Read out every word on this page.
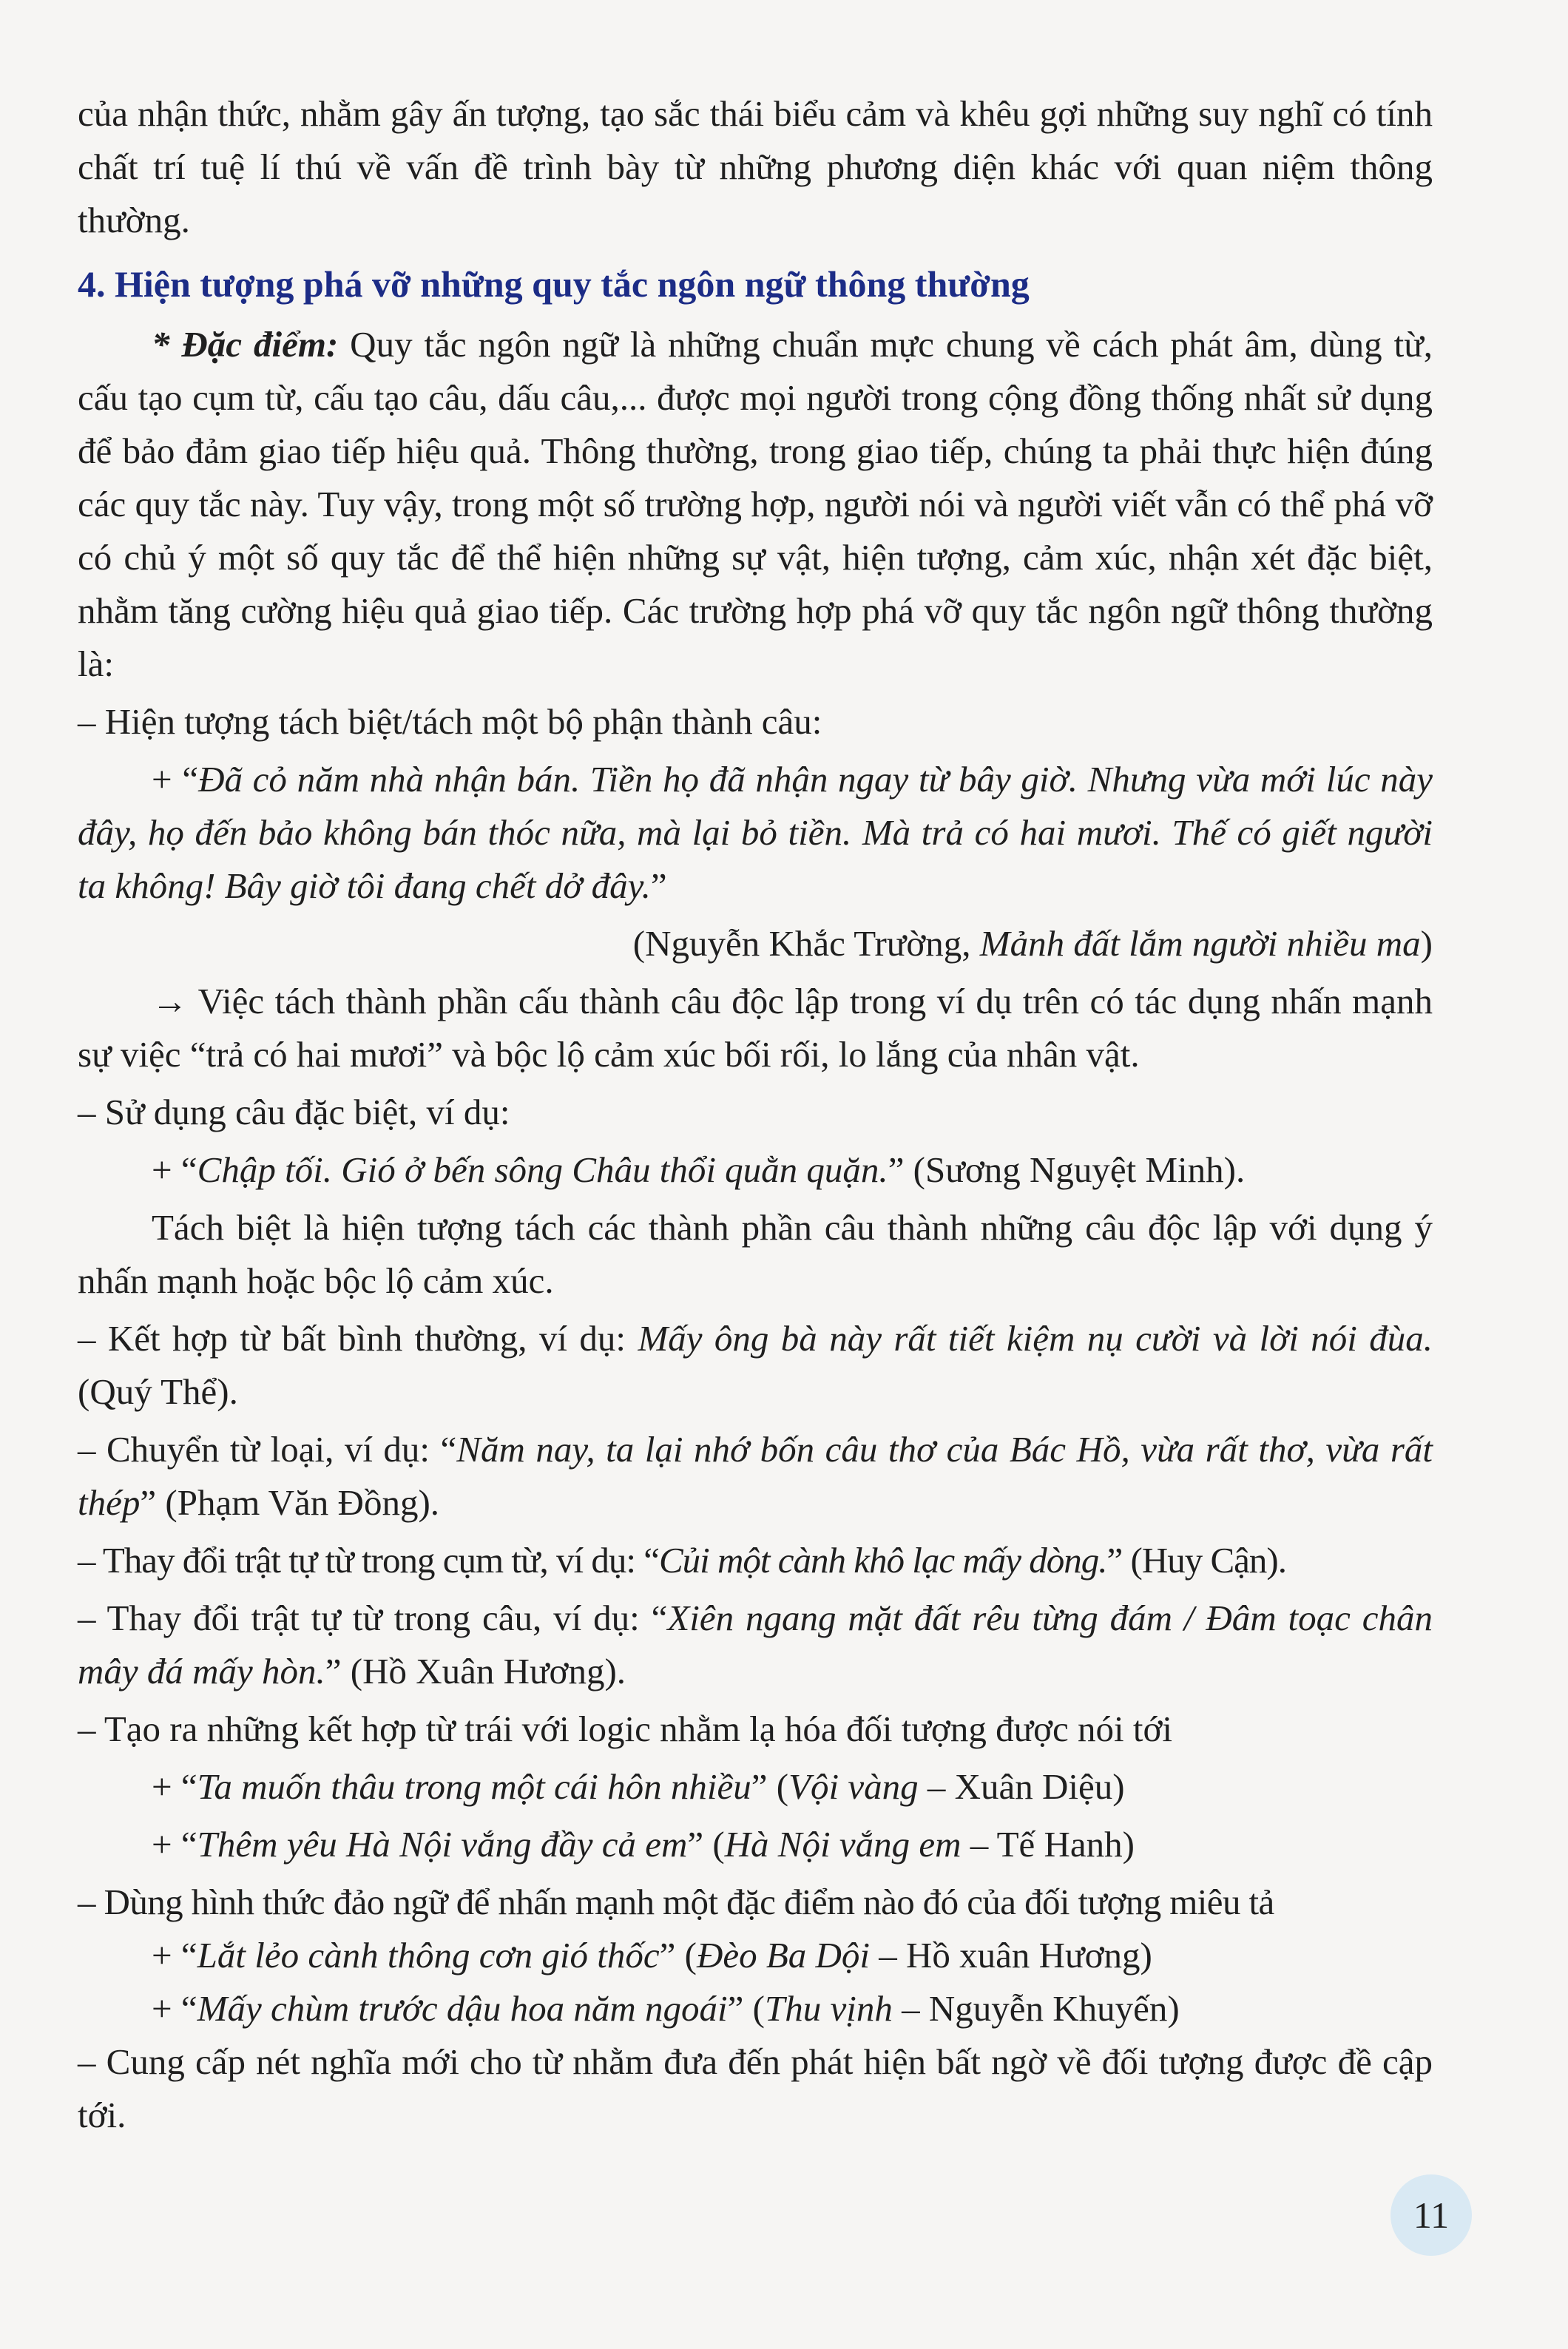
của nhận thức, nhằm gây ấn tượng, tạo sắc thái biểu cảm và khêu gợi những suy nghĩ có tính chất trí tuệ lí thú về vấn đề trình bày từ những phương diện khác với quan niệm thông thường.

4. Hiện tượng phá vỡ những quy tắc ngôn ngữ thông thường

* Đặc điểm: Quy tắc ngôn ngữ là những chuẩn mực chung về cách phát âm, dùng từ, cấu tạo cụm từ, cấu tạo câu, dấu câu,... được mọi người trong cộng đồng thống nhất sử dụng để bảo đảm giao tiếp hiệu quả. Thông thường, trong giao tiếp, chúng ta phải thực hiện đúng các quy tắc này. Tuy vậy, trong một số trường hợp, người nói và người viết vẫn có thể phá vỡ có chủ ý một số quy tắc để thể hiện những sự vật, hiện tượng, cảm xúc, nhận xét đặc biệt, nhằm tăng cường hiệu quả giao tiếp. Các trường hợp phá vỡ quy tắc ngôn ngữ thông thường là:

– Hiện tượng tách biệt/tách một bộ phận thành câu:

+ “Đã cỏ năm nhà nhận bán. Tiền họ đã nhận ngay từ bây giờ. Nhưng vừa mới lúc này đây, họ đến bảo không bán thóc nữa, mà lại bỏ tiền. Mà trả có hai mươi. Thế có giết người ta không! Bây giờ tôi đang chết dở đây.”

(Nguyễn Khắc Trường, Mảnh đất lắm người nhiều ma)

→ Việc tách thành phần cấu thành câu độc lập trong ví dụ trên có tác dụng nhấn mạnh sự việc “trả có hai mươi” và bộc lộ cảm xúc bối rối, lo lắng của nhân vật.

– Sử dụng câu đặc biệt, ví dụ:

+ “Chập tối. Gió ở bến sông Châu thổi quằn quặn.” (Sương Nguyệt Minh).

Tách biệt là hiện tượng tách các thành phần câu thành những câu độc lập với dụng ý nhấn mạnh hoặc bộc lộ cảm xúc.

– Kết hợp từ bất bình thường, ví dụ: Mấy ông bà này rất tiết kiệm nụ cười và lời nói đùa. (Quý Thể).

– Chuyển từ loại, ví dụ: “Năm nay, ta lại nhớ bốn câu thơ của Bác Hồ, vừa rất thơ, vừa rất thép” (Phạm Văn Đồng).

– Thay đổi trật tự từ trong cụm từ, ví dụ: “Củi một cành khô lạc mấy dòng.” (Huy Cận).

– Thay đổi trật tự từ trong câu, ví dụ: “Xiên ngang mặt đất rêu từng đám / Đâm toạc chân mây đá mấy hòn.” (Hồ Xuân Hương).

– Tạo ra những kết hợp từ trái với logic nhằm lạ hóa đối tượng được nói tới

+ “Ta muốn thâu trong một cái hôn nhiều” (Vội vàng – Xuân Diệu)

+ “Thêm yêu Hà Nội vắng đầy cả em” (Hà Nội vắng em – Tế Hanh)

– Dùng hình thức đảo ngữ để nhấn mạnh một đặc điểm nào đó của đối tượng miêu tả

+ “Lắt lẻo cành thông cơn gió thốc” (Đèo Ba Dội – Hồ xuân Hương)

+ “Mấy chùm trước dậu hoa năm ngoái” (Thu vịnh – Nguyễn Khuyến)

– Cung cấp nét nghĩa mới cho từ nhằm đưa đến phát hiện bất ngờ về đối tượng được đề cập tới.

11
